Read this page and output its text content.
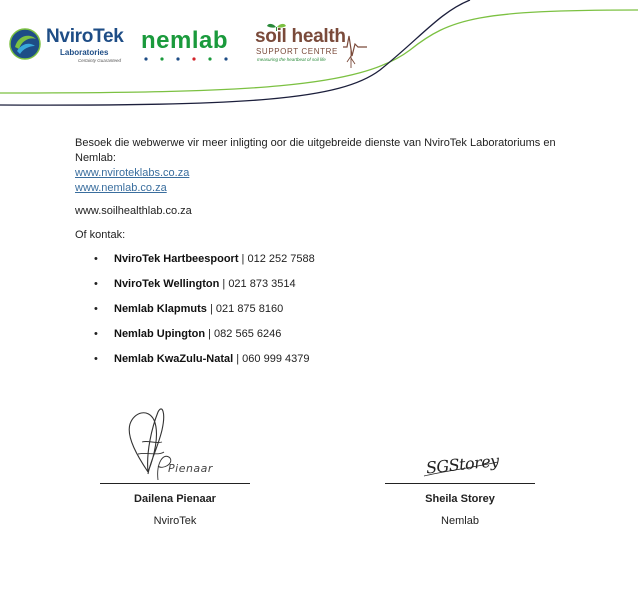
NviroTek
Laboratories
Certainty Guaranteed
nemlab soil health
SUPPORT CENTRE
measuring the heartbeat of soil life

Besoek die webwerwe vir meer inligting oor die uitgebreide dienste van NviroTek Laboratoriums en Nemlab:

www.nviroteklabs.co.za
www.nemlab.co.za
www.soilhealthlab.co.za
Of kontak:
• NviroTek Hartbeespoort | 012 252 7588
• NviroTek Wellington | 021 873 3514
• Nemlab Klapmuts | 021 875 8160
• Nemlab Upington | 082 565 6246
• Nemlab KwaZulu-Natal | 060 999 4379
Pienaar
Dailena Pienaar
NviroTek
SGStorey
Sheila Storey
Nemlab
